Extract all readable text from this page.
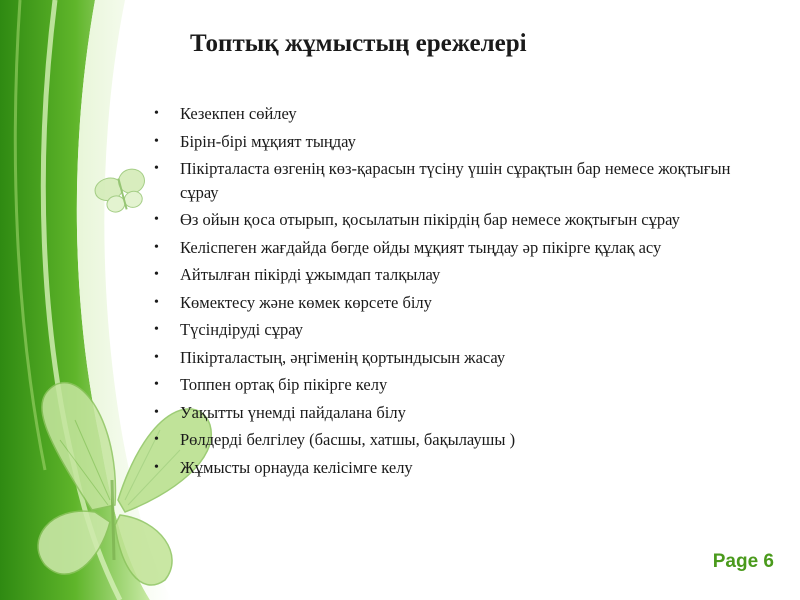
Топтық жұмыстың ережелері
• Кезекпен сөйлеу
• Бірін-бірі мұқият тыңдау
• Пікірталаста өзгенің көз-қарасын түсіну үшін сұрақтын бар немесе жоқтығын сұрау
• Өз ойын қоса отырып, қосылатын пікірдің бар немесе жоқтығын сұрау
• Келіспеген жағдайда бөгде ойды мұқият тыңдау әр пікірге құлақ асу
• Айтылған пікірді ұжымдап талқылау
• Көмектесу және көмек көрсете білу
• Түсіндіруді сұрау
• Пікірталастың, әңгіменің қортындысын жасау
• Топпен ортақ бір пікірге келу
• Уақытты үнемді пайдалана білу
• Рөлдерді белгілеу (басшы, хатшы, бақылаушы )
• Жұмысты орнауда келісімге келу
Page 6
